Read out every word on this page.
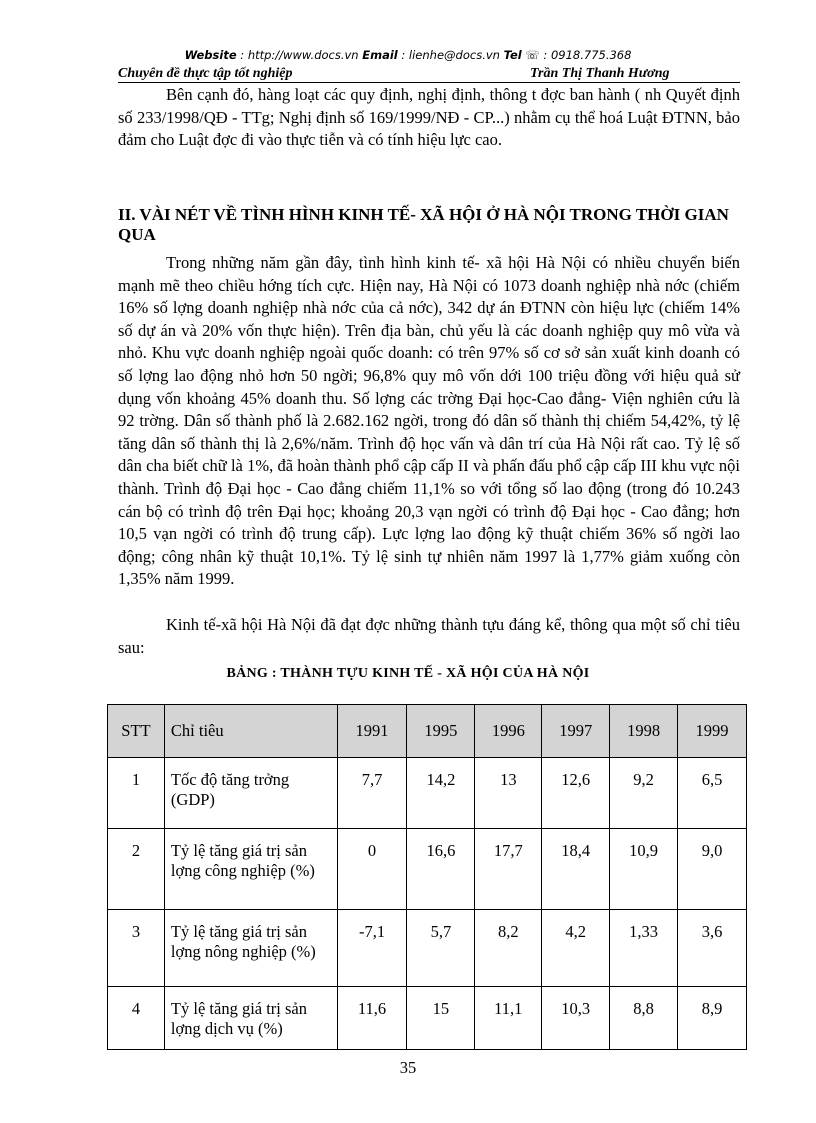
Website : http://www.docs.vn Email : lienhe@docs.vn Tel ☏ : 0918.775.368
Chuyên đề thực tập tốt nghiệp	Trần Thị Thanh Hương
Bên cạnh đó, hàng loạt các quy định, nghị định, thông t đợc ban hành ( nh Quyết định số 233/1998/QĐ - TTg; Nghị định số 169/1999/NĐ - CP...) nhằm cụ thể hoá Luật ĐTNN, bảo đảm cho Luật đợc đi vào thực tiễn và có tính hiệu lực cao.
II. VÀI NÉT VỀ TÌNH HÌNH KINH TẾ- XÃ HỘI Ở HÀ NỘI TRONG THỜI GIAN QUA
Trong những năm gần đây, tình hình kinh tế- xã hội Hà Nội có nhiều chuyển biến mạnh mẽ theo chiều hớng tích cực. Hiện nay, Hà Nội có 1073 doanh nghiệp nhà nớc (chiếm 16% số lợng doanh nghiệp nhà nớc của cả nớc), 342 dự án ĐTNN còn hiệu lực (chiếm 14% số dự án và 20% vốn thực hiện). Trên địa bàn, chủ yếu là các doanh nghiệp quy mô vừa và nhỏ. Khu vực doanh nghiệp ngoài quốc doanh: có trên 97% số cơ sở sản xuất kinh doanh có số lợng lao động nhỏ hơn 50 ngời; 96,8% quy mô vốn dới 100 triệu đồng với hiệu quả sử dụng vốn khoảng 45% doanh thu. Số lợng các trờng Đại học-Cao đẳng- Viện nghiên cứu là 92 trờng. Dân số thành phố là 2.682.162 ngời, trong đó dân số thành thị chiếm 54,42%, tỷ lệ tăng dân số thành thị là 2,6%/năm. Trình độ học vấn và dân trí của Hà Nội rất cao. Tỷ lệ số dân cha biết chữ là 1%, đã hoàn thành phổ cập cấp II và phấn đấu phổ cập cấp III khu vực nội thành. Trình độ Đại học - Cao đẳng chiếm 11,1% so với tổng số lao động (trong đó 10.243 cán bộ có trình độ trên Đại học; khoảng 20,3 vạn ngời có trình độ Đại học - Cao đẳng; hơn 10,5 vạn ngời có trình độ trung cấp). Lực lợng lao động kỹ thuật chiếm 36% số ngời lao động; công nhân kỹ thuật 10,1%. Tỷ lệ sinh tự nhiên năm 1997 là 1,77% giảm xuống còn 1,35% năm 1999.
Kinh tế-xã hội Hà Nội đã đạt đợc những thành tựu đáng kể, thông qua một số chỉ tiêu sau:
BẢNG : THÀNH TỰU KINH TẾ - XÃ HỘI CỦA HÀ NỘI
STT	Chỉ tiêu	1991	1995	1996	1997	1998	1999
1	Tốc độ tăng trởng (GDP)	7,7	14,2	13	12,6	9,2	6,5
2	Tỷ lệ tăng giá trị sản lợng công nghiệp (%)	0	16,6	17,7	18,4	10,9	9,0
3	Tỷ lệ tăng giá trị sản lợng nông nghiệp (%)	-7,1	5,7	8,2	4,2	1,33	3,6
4	Tỷ lệ tăng giá trị sản lợng dịch vụ (%)	11,6	15	11,1	10,3	8,8	8,9
35
